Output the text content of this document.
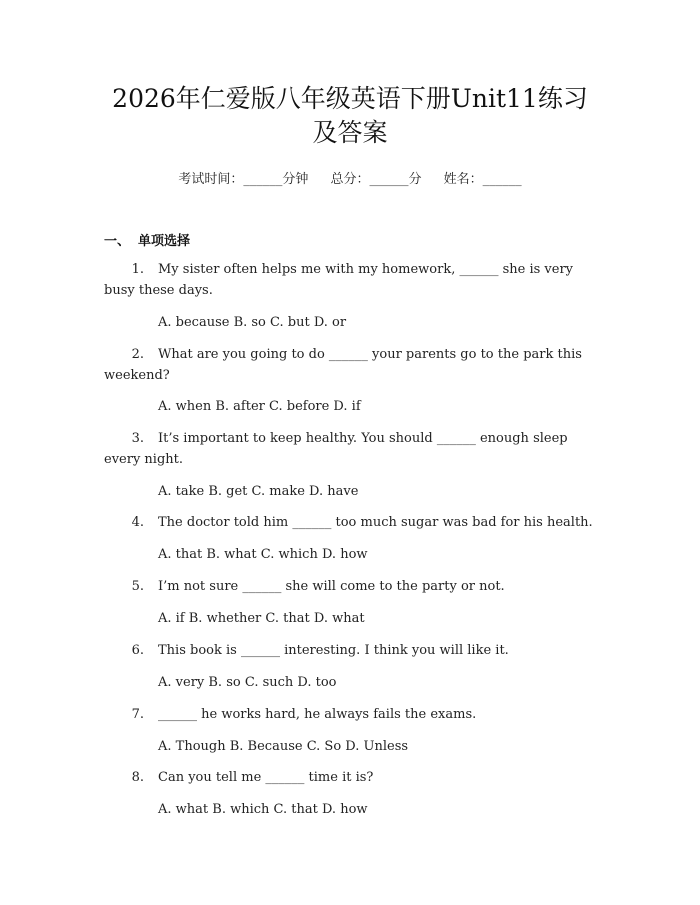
2026年仁爱版八年级英语下册Unit11练习
及答案
考试时间：______分钟 总分：______分 姓名：______
一、 单项选择
1. My sister often helps me with my homework, ______ she is very
busy these days.
A. because B. so C. but D. or
2. What are you going to do ______ your parents go to the park this
weekend?
A. when B. after C. before D. if
3. It’s important to keep healthy. You should ______ enough sleep
every night.
A. take B. get C. make D. have
4. The doctor told him ______ too much sugar was bad for his health.
A. that B. what C. which D. how
5. I’m not sure ______ she will come to the party or not.
A. if B. whether C. that D. what
6. This book is ______ interesting. I think you will like it.
A. very B. so C. such D. too
7. ______ he works hard, he always fails the exams.
A. Though B. Because C. So D. Unless
8. Can you tell me ______ time it is?
A. what B. which C. that D. how
